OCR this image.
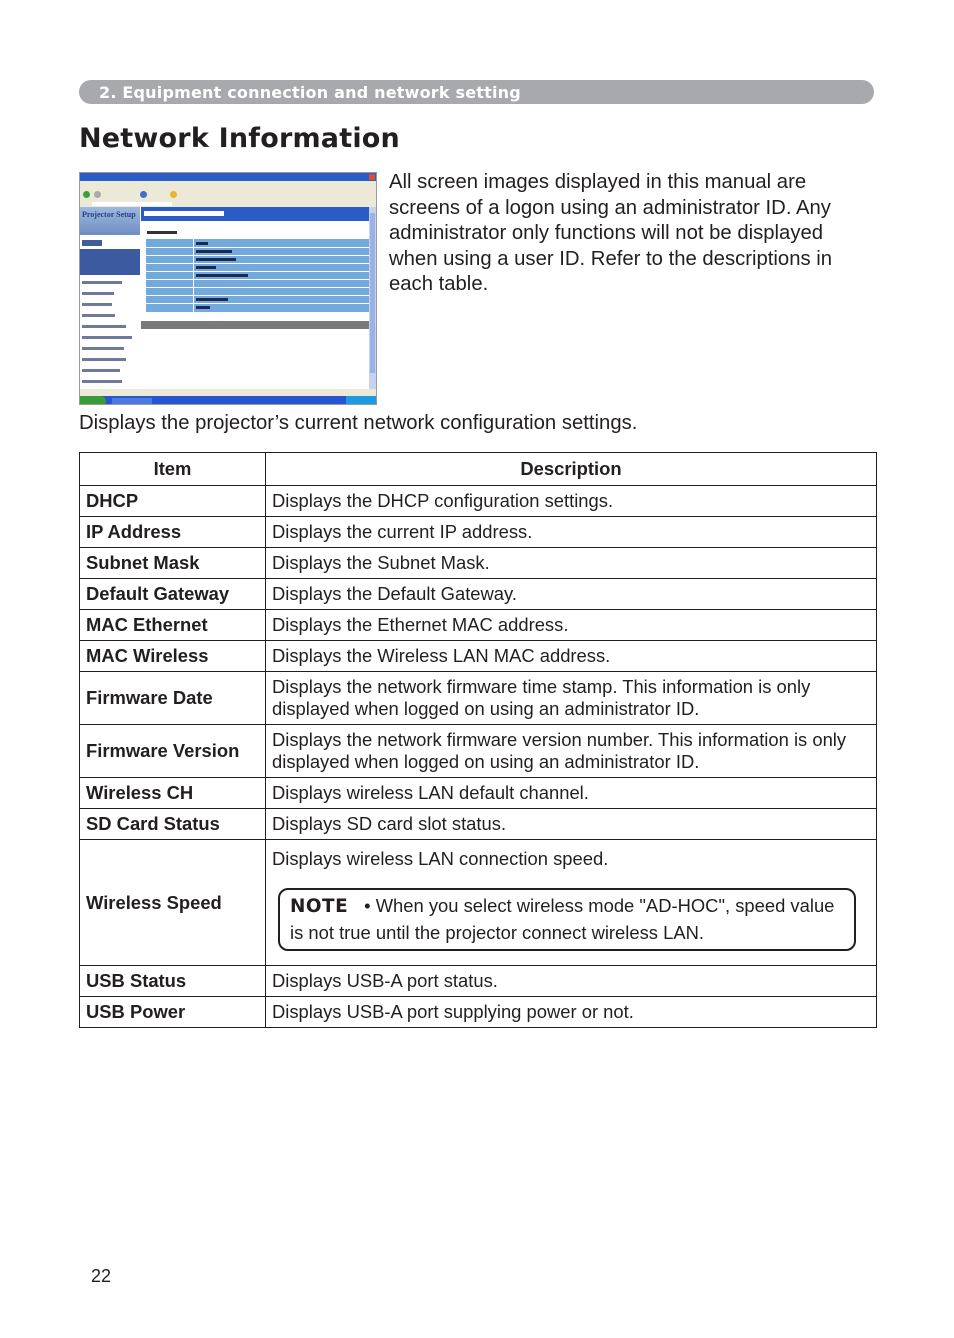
2. Equipment connection and network setting
Network Information
Projector Setup

All screen images displayed in this manual are screens of a logon using an administrator ID. Any administrator only functions will not be displayed when using a user ID. Refer to the descriptions in each table.

Displays the projector’s current network configuration settings.

Item	Description
DHCP	Displays the DHCP configuration settings.
IP Address	Displays the current IP address.
Subnet Mask	Displays the Subnet Mask.
Default Gateway	Displays the Default Gateway.
MAC Ethernet	Displays the Ethernet MAC address.
MAC Wireless	Displays the Wireless LAN MAC address.
Firmware Date	Displays the network firmware time stamp. This information is only displayed when logged on using an administrator ID.
Firmware Version	Displays the network firmware version number. This information is only displayed when logged on using an administrator ID.
Wireless CH	Displays wireless LAN default channel.
SD Card Status	Displays SD card slot status.
Wireless Speed	Displays wireless LAN connection speed.
NOTE • When you select wireless mode "AD-HOC", speed value is not true until the projector connect wireless LAN.

USB Status	Displays USB-A port status.
USB Power	Displays USB-A port supplying power or not.
22
